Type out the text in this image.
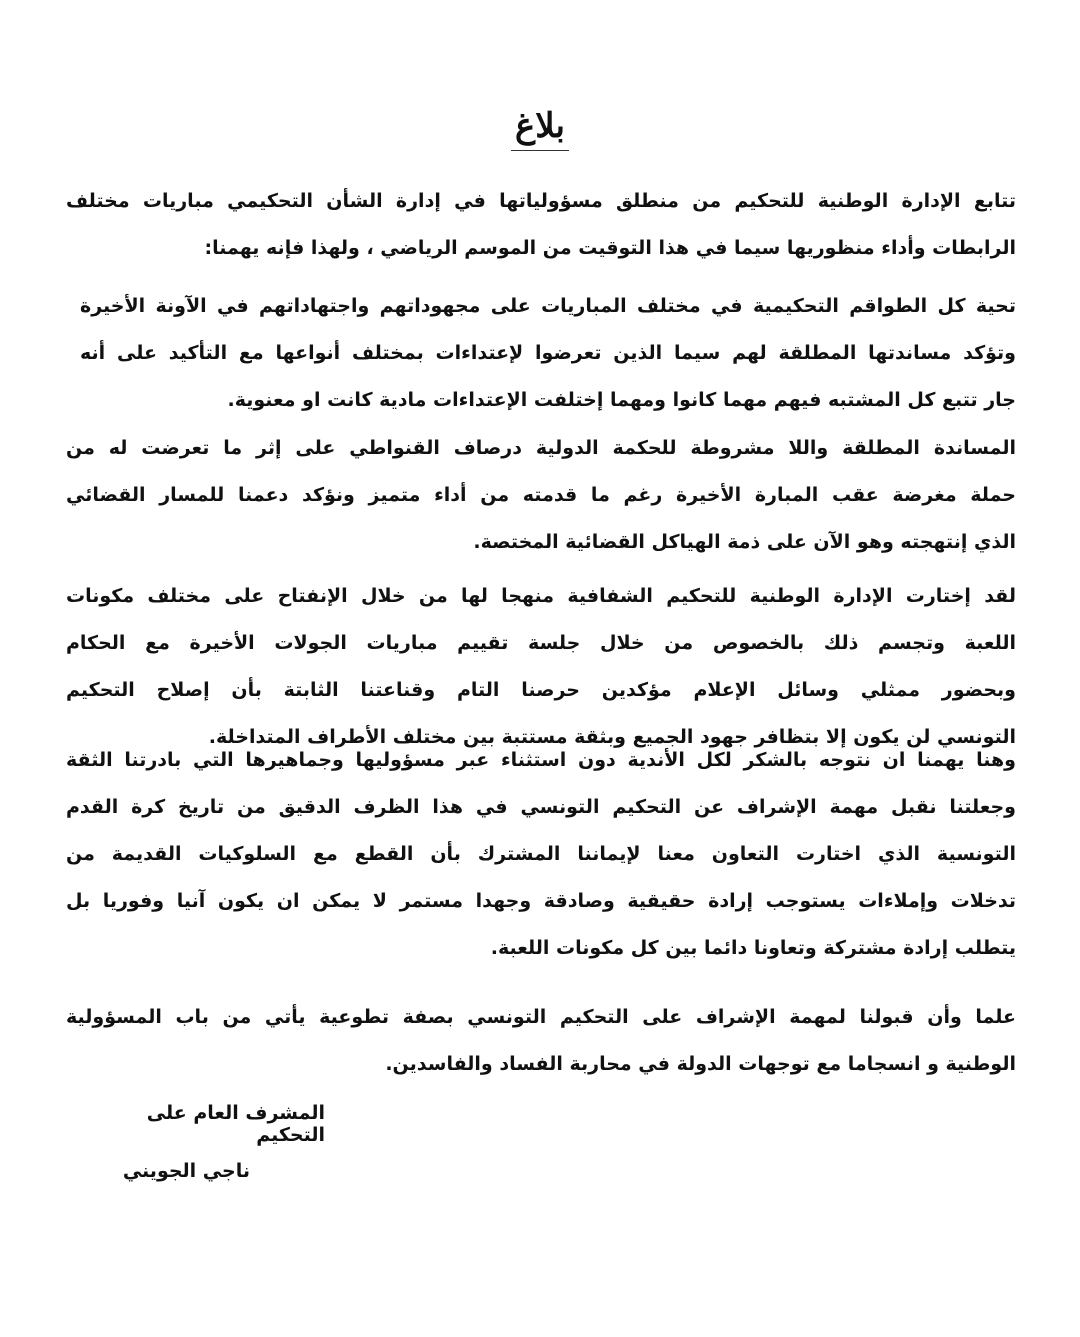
بلاغ
تتابع الإدارة الوطنية للتحكيم من منطلق مسؤولياتها في إدارة الشأن التحكيمي مباريات مختلف
الرابطات وأداء منظوريها سيما في هذا التوقيت من الموسم الرياضي ، ولهذا فإنه يهمنا:
تحية كل الطواقم التحكيمية في مختلف المباريات على مجهوداتهم واجتهاداتهم في الآونة الأخيرة
وتؤكد مساندتها المطلقة لهم سيما الذين تعرضوا لإعتداءات بمختلف أنواعها مع التأكيد على أنه
جار تتبع كل المشتبه فيهم مهما كانوا ومهما إختلفت الإعتداءات مادية كانت او معنوية.
المساندة المطلقة واللا مشروطة للحكمة الدولية درصاف القنواطي على إثر ما تعرضت له من
حملة مغرضة عقب المبارة الأخيرة رغم ما قدمته من أداء متميز ونؤكد دعمنا للمسار القضائي
الذي إنتهجته وهو الآن على ذمة الهياكل القضائية المختصة.
لقد إختارت الإدارة الوطنية للتحكيم الشفافية منهجا لها من خلال الإنفتاح على مختلف مكونات
اللعبة وتجسم ذلك بالخصوص من خلال جلسة تقييم مباريات الجولات الأخيرة مع الحكام
وبحضور ممثلي وسائل الإعلام مؤكدين حرصنا التام وقناعتنا الثابتة بأن إصلاح التحكيم
التونسي لن يكون إلا بتظافر جهود الجميع وبثقة مستتبة بين مختلف الأطراف المتداخلة.
وهنا يهمنا ان نتوجه بالشكر لكل الأندية دون استثناء عبر مسؤوليها وجماهيرها التي بادرتنا الثقة
وجعلتنا نقبل مهمة الإشراف عن التحكيم التونسي في هذا الظرف الدقيق من تاريخ كرة القدم
التونسية الذي اختارت التعاون معنا لإيماننا المشترك بأن القطع مع السلوكيات القديمة من
تدخلات وإملاءات يستوجب إرادة حقيقية وصادقة وجهدا مستمر لا يمكن ان يكون آنيا وفوريا بل
يتطلب إرادة مشتركة وتعاونا دائما بين كل مكونات اللعبة.
علما وأن قبولنا لمهمة الإشراف على التحكيم التونسي بصفة تطوعية يأتي من باب المسؤولية
الوطنية و انسجاما مع توجهات الدولة في محاربة الفساد والفاسدين.
المشرف العام على التحكيم
ناجي الجويني
